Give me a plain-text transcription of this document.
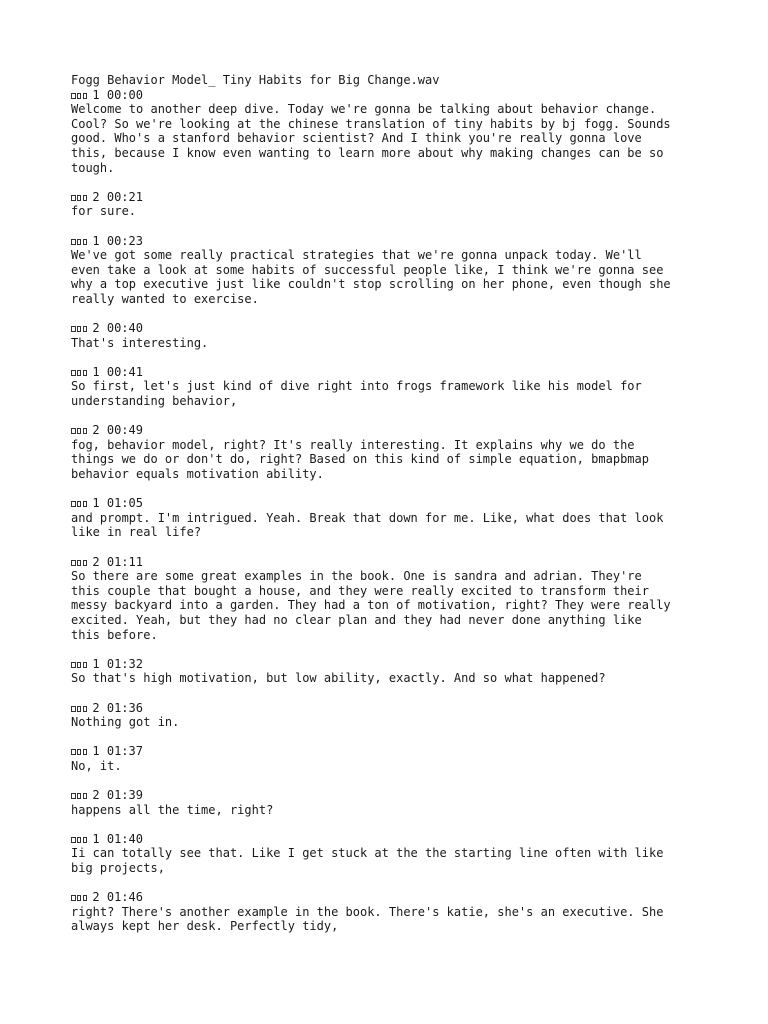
Fogg Behavior Model_ Tiny Habits for Big Change.wav
1 00:00
Welcome to another deep dive. Today we're gonna be talking about behavior change.
Cool? So we're looking at the chinese translation of tiny habits by bj fogg. Sounds
good. Who's a stanford behavior scientist? And I think you're really gonna love
this, because I know even wanting to learn more about why making changes can be so
tough.
2 00:21
for sure.
1 00:23
We've got some really practical strategies that we're gonna unpack today. We'll
even take a look at some habits of successful people like, I think we're gonna see
why a top executive just like couldn't stop scrolling on her phone, even though she
really wanted to exercise.
2 00:40
That's interesting.
1 00:41
So first, let's just kind of dive right into frogs framework like his model for
understanding behavior,
2 00:49
fog, behavior model, right? It's really interesting. It explains why we do the
things we do or don't do, right? Based on this kind of simple equation, bmapbmap
behavior equals motivation ability.
1 01:05
and prompt. I'm intrigued. Yeah. Break that down for me. Like, what does that look
like in real life?
2 01:11
So there are some great examples in the book. One is sandra and adrian. They're
this couple that bought a house, and they were really excited to transform their
messy backyard into a garden. They had a ton of motivation, right? They were really
excited. Yeah, but they had no clear plan and they had never done anything like
this before.
1 01:32
So that's high motivation, but low ability, exactly. And so what happened?
2 01:36
Nothing got in.
1 01:37
No, it.
2 01:39
happens all the time, right?
1 01:40
Ii can totally see that. Like I get stuck at the the starting line often with like
big projects,
2 01:46
right? There's another example in the book. There's katie, she's an executive. She
always kept her desk. Perfectly tidy,
